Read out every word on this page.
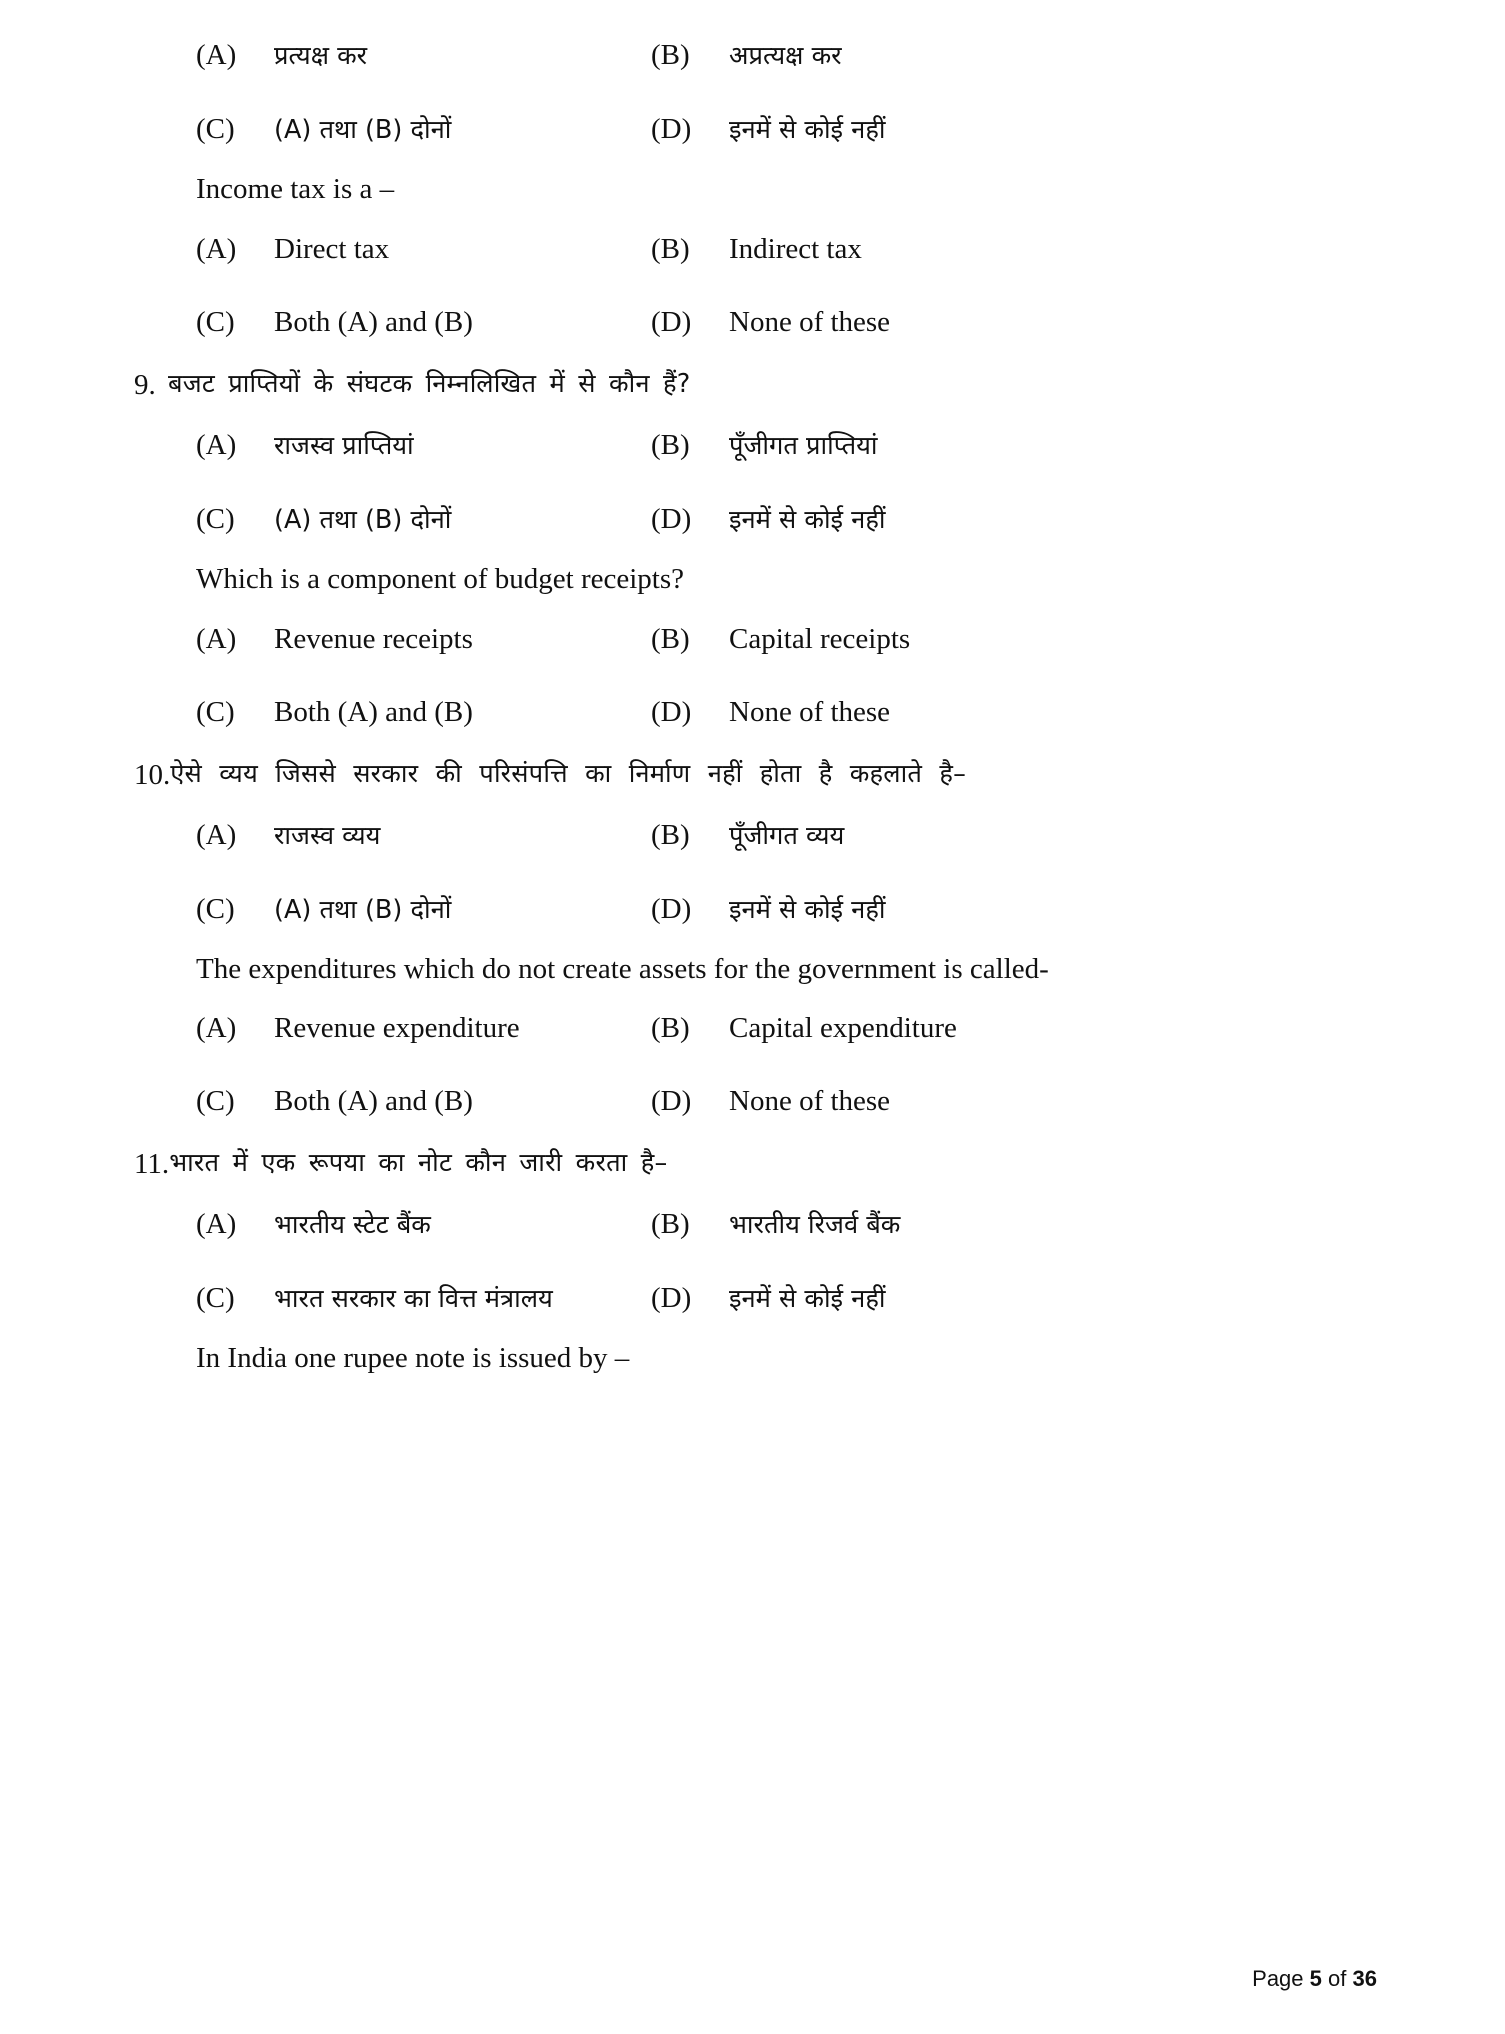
(A)	प्रत्यक्ष कर	(B)	अप्रत्यक्ष कर
(C)	(A) तथा (B) दोनों	(D)	इनमें से कोई नहीं
Income tax is a –
(A)	Direct tax	(B)	Indirect tax
(C)	Both (A) and (B)	(D)	None of these
9. बजट प्राप्तियों के संघटक निम्नलिखित में से कौन हैं?
(A)	राजस्व प्राप्तियां	(B)	पूँजीगत प्राप्तियां
(C)	(A) तथा (B) दोनों	(D)	इनमें से कोई नहीं
Which is a component of budget receipts?
(A)	Revenue receipts	(B)	Capital receipts
(C)	Both (A) and (B)	(D)	None of these
10. ऐसे व्यय जिससे सरकार की परिसंपत्ति का निर्माण नहीं होता है कहलाते है–
(A)	राजस्व व्यय	(B)	पूँजीगत व्यय
(C)	(A) तथा (B) दोनों	(D)	इनमें से कोई नहीं
The expenditures which do not create assets for the government is called-
(A)	Revenue expenditure	(B)	Capital expenditure
(C)	Both (A) and (B)	(D)	None of these
11. भारत में एक रूपया का नोट कौन जारी करता है–
(A)	भारतीय स्टेट बैंक	(B)	भारतीय रिजर्व बैंक
(C)	भारत सरकार का वित्त मंत्रालय	(D)	इनमें से कोई नहीं
In India one rupee note is issued by –
Page 5 of 36
